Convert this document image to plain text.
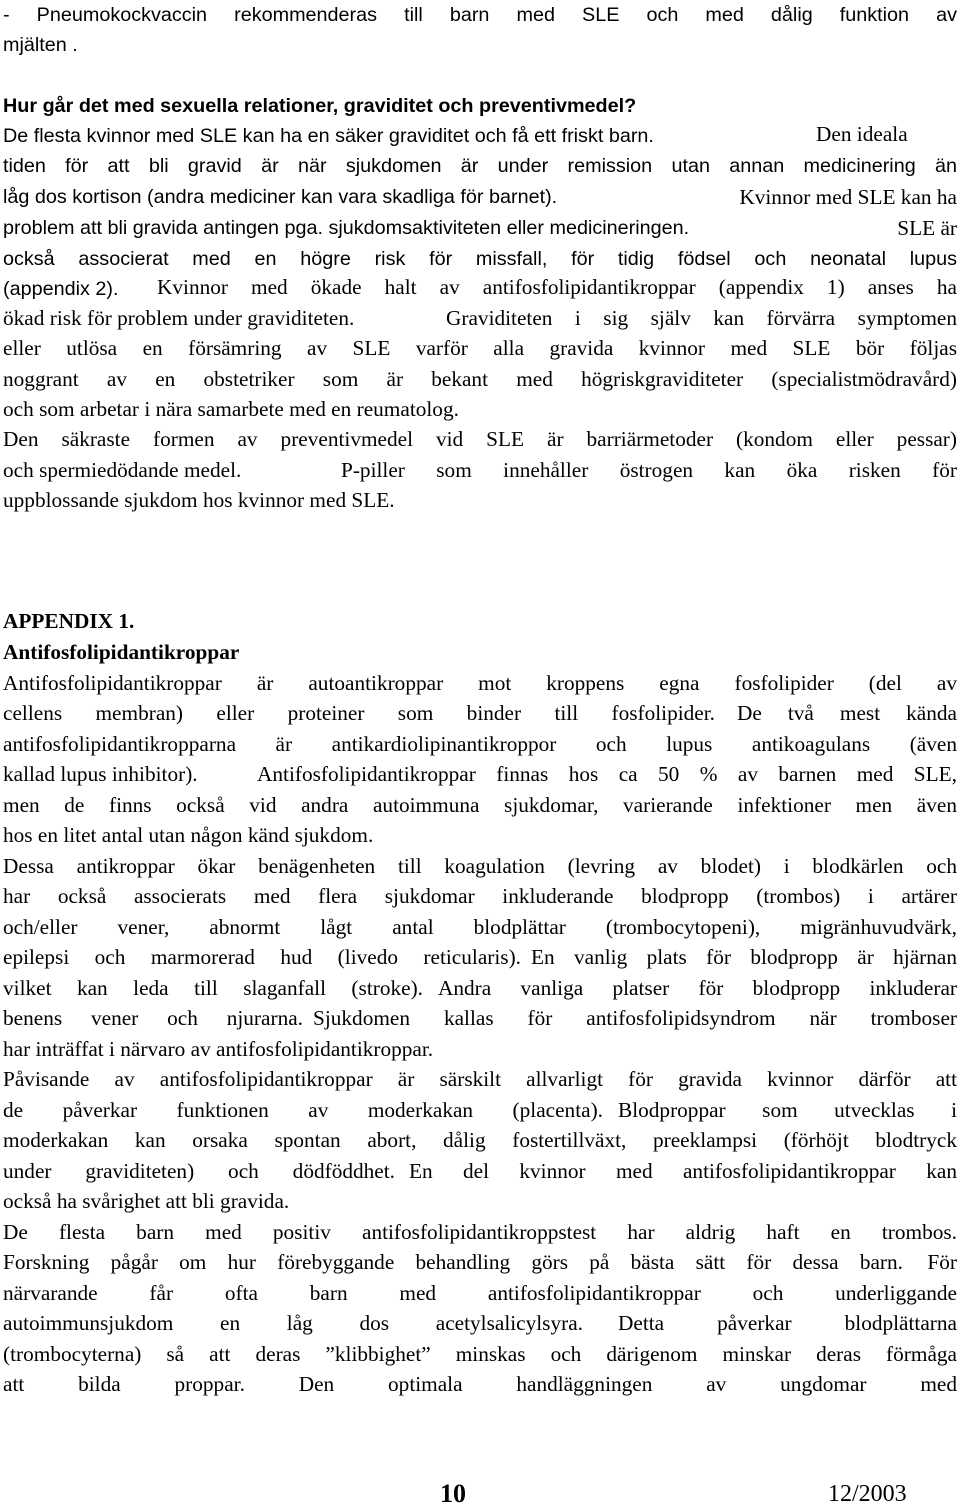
- Pneumokockvaccin rekommenderas till barn med SLE och med dålig funktion av
mjälten .
Hur går det med sexuella relationer, graviditet och preventivmedel?
De flesta kvinnor med SLE kan ha en säker graviditet och få ett friskt barn.	Den ideala
tiden för att bli gravid är när sjukdomen är under remission utan annan medicinering än
låg dos kortison (andra mediciner kan vara skadliga för barnet).	Kvinnor med SLE kan ha
problem att bli gravida antingen pga. sjukdomsaktiviteten eller medicineringen.	SLE är
också associerat med en högre risk för missfall, för tidig födsel och neonatal lupus
(appendix 2).	Kvinnor med ökade halt av antifosfolipidantikroppar (appendix 1) anses ha
ökad risk för problem under graviditeten.	Graviditeten i sig själv kan förvärra symptomen
eller utlösa en försämring av SLE varför alla gravida kvinnor med SLE bör följas
noggrant av en obstetriker som är bekant med högriskgraviditeter (specialistmödravård)
och som arbetar i nära samarbete med en reumatolog.
Den säkraste formen av preventivmedel vid SLE är barriärmetoder (kondom eller pessar)
och spermiedödande medel.	P-piller som innehåller östrogen kan öka risken för
uppblossande sjukdom hos kvinnor med SLE.
APPENDIX 1.
Antifosfolipidantikroppar
Antifosfolipidantikroppar är autoantikroppar mot kroppens egna fosfolipider (del av
cellens membran) eller proteiner som binder till fosfolipider. De två mest kända
antifosfolipidantikropparna är antikardiolipinantikroppor och lupus antikoagulans (även
kallad lupus inhibitor).	Antifosfolipidantikroppar finnas hos ca 50 % av barnen med SLE,
men de finns också vid andra autoimmuna sjukdomar, varierande infektioner men även
hos en litet antal utan någon känd sjukdom.
Dessa antikroppar ökar benägenheten till koagulation (levring av blodet) i blodkärlen och
har också associerats med flera sjukdomar inkluderande blodpropp (trombos) i artärer
och/eller vener, abnormt lågt antal blodplättar (trombocytopeni), migränhuvudvärk,
epilepsi och marmorerad hud (livedo reticularis). En vanlig plats för blodpropp är hjärnan
vilket kan leda till slaganfall (stroke). Andra vanliga platser för blodpropp inkluderar
benens vener och njurarna. Sjukdomen kallas för antifosfolipidsyndrom när tromboser
har inträffat i närvaro av antifosfolipidantikroppar.
Påvisande av antifosfolipidantikroppar är särskilt allvarligt för gravida kvinnor därför att
de påverkar funktionen av moderkakan (placenta). Blodproppar som utvecklas i
moderkakan kan orsaka spontan abort, dålig fostertillväxt, preeklampsi (förhöjt blodtryck
under graviditeten) och dödföddhet. En del kvinnor med antifosfolipidantikroppar kan
också ha svårighet att bli gravida.
De flesta barn med positiv antifosfolipidantikroppstest har aldrig haft en trombos.
Forskning pågår om hur förebyggande behandling görs på bästa sätt för dessa barn.	För
närvarande får ofta barn med antifosfolipidantikroppar och underliggande
autoimmunsjukdom en låg dos acetylsalicylsyra. Detta påverkar blodplättarna
(trombocyterna) så att deras ”klibbighet” minskas och därigenom minskar deras förmåga
att bilda proppar. Den optimala handläggningen av ungdomar med
10	12/2003
